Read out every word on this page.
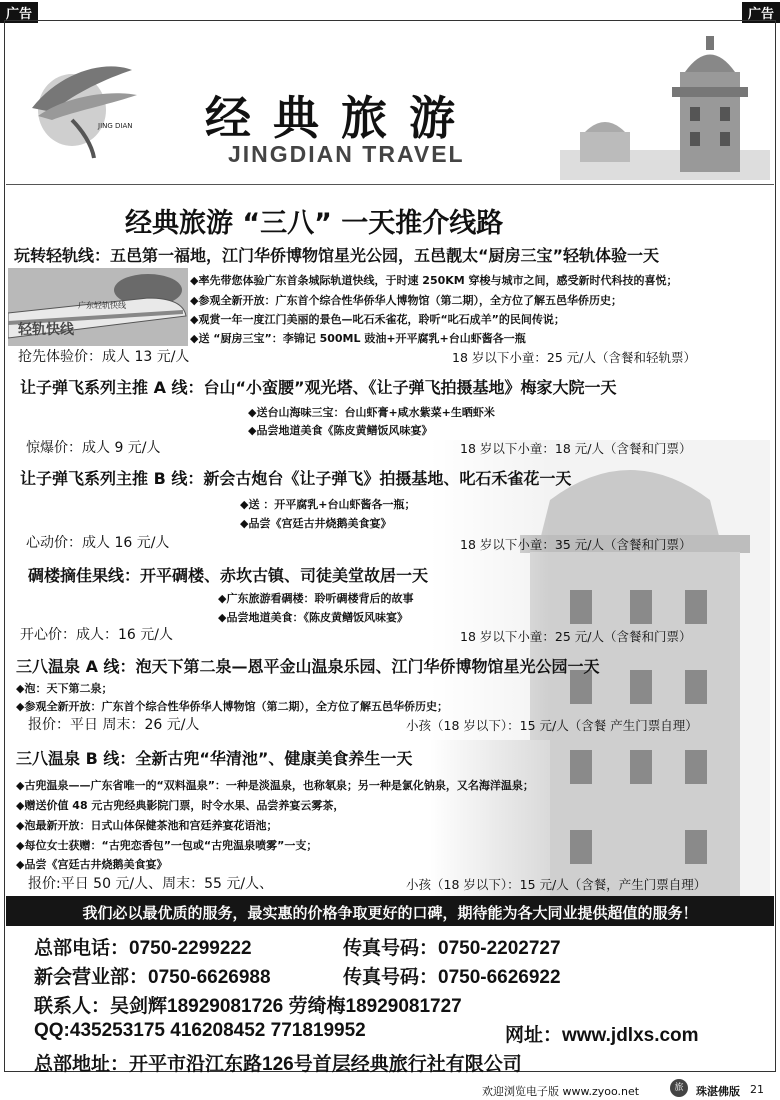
广告	广告
JING DIAN 经典旅游
JINGDIAN TRAVEL
经典旅游 “三八” 一天推介线路
玩转轻轨线：五邑第一福地，江门华侨博物馆星光公园，五邑靓太“厨房三宝”轻轨体验一天
广东轻轨快线
轻轨快线
◆率先带您体验广东首条城际轨道快线，于时速 250KM 穿梭与城市之间，感受新时代科技的喜悦；
◆参观全新开放：广东首个综合性华侨华人博物馆（第二期），全方位了解五邑华侨历史；
◆观赏一年一度江门美丽的景色—叱石禾雀花，聆听“叱石成羊”的民间传说；
◆送 “厨房三宝”：李锦记 500ML 豉油+开平腐乳+台山虾酱各一瓶
抢先体验价：成人 13 元/人	18 岁以下小童：25 元/人（含餐和轻轨票）
让子弹飞系列主推 A 线：台山“小蛮腰”观光塔、《让子弹飞拍摄基地》梅家大院一天
◆送台山海味三宝：台山虾膏+咸水紫菜+生晒虾米
◆品尝地道美食《陈皮黄鳝饭风味宴》
惊爆价：成人 9 元/人	18 岁以下小童：18 元/人（含餐和门票）
让子弹飞系列主推 B 线：新会古炮台《让子弹飞》拍摄基地、叱石禾雀花一天
◆送 ：开平腐乳+台山虾酱各一瓶；
◆品尝《宫廷古井烧鹅美食宴》
心动价：成人 16 元/人	18 岁以下小童：35 元/人（含餐和门票）
碉楼摘佳果线：开平碉楼、赤坎古镇、司徒美堂故居一天
◆广东旅游看碉楼：聆听碉楼背后的故事
◆品尝地道美食：《陈皮黄鳝饭风味宴》
开心价：成人：16 元/人	18 岁以下小童：25 元/人（含餐和门票）
三八温泉 A 线：泡天下第二泉—恩平金山温泉乐园、江门华侨博物馆星光公园一天
◆泡：天下第二泉；
◆参观全新开放：广东首个综合性华侨华人博物馆（第二期），全方位了解五邑华侨历史；
报价：平日 周末：26 元/人	小孩（18 岁以下）：15 元/人（含餐 产生门票自理）
三八温泉 B 线：全新古兜“华清池”、健康美食养生一天
◆古兜温泉——广东省唯一的“双料温泉”：一种是淡温泉，也称氡泉；另一种是氯化钠泉，又名海洋温泉；
◆赠送价值 48 元古兜经典影院门票，时令水果、品尝养宴云雾茶，
◆泡最新开放：日式山体保健茶池和宫廷养宴花语池；
◆每位女士获赠：“古兜恋香包”一包或“古兜温泉喷雾”一支；
◆品尝《宫廷古井烧鹅美食宴》
报价:平日 50 元/人、周末：55 元/人、	小孩（18 岁以下）：15 元/人（含餐，产生门票自理）
我们必以最优质的服务，最实惠的价格争取更好的口碑，期待能为各大同业提供超值的服务！
总部电话：0750-2299222	传真号码：0750-2202727
新会营业部：0750-6626988	传真号码：0750-6626922
联系人：吴剑辉18929081726 劳绮梅18929081727
QQ:435253175 416208452 771819952	网址：www.jdlxs.com
总部地址：开平市沿江东路126号首层经典旅行社有限公司
欢迎浏览电子版 www.zyoo.net	旅	珠湛佛版 21
